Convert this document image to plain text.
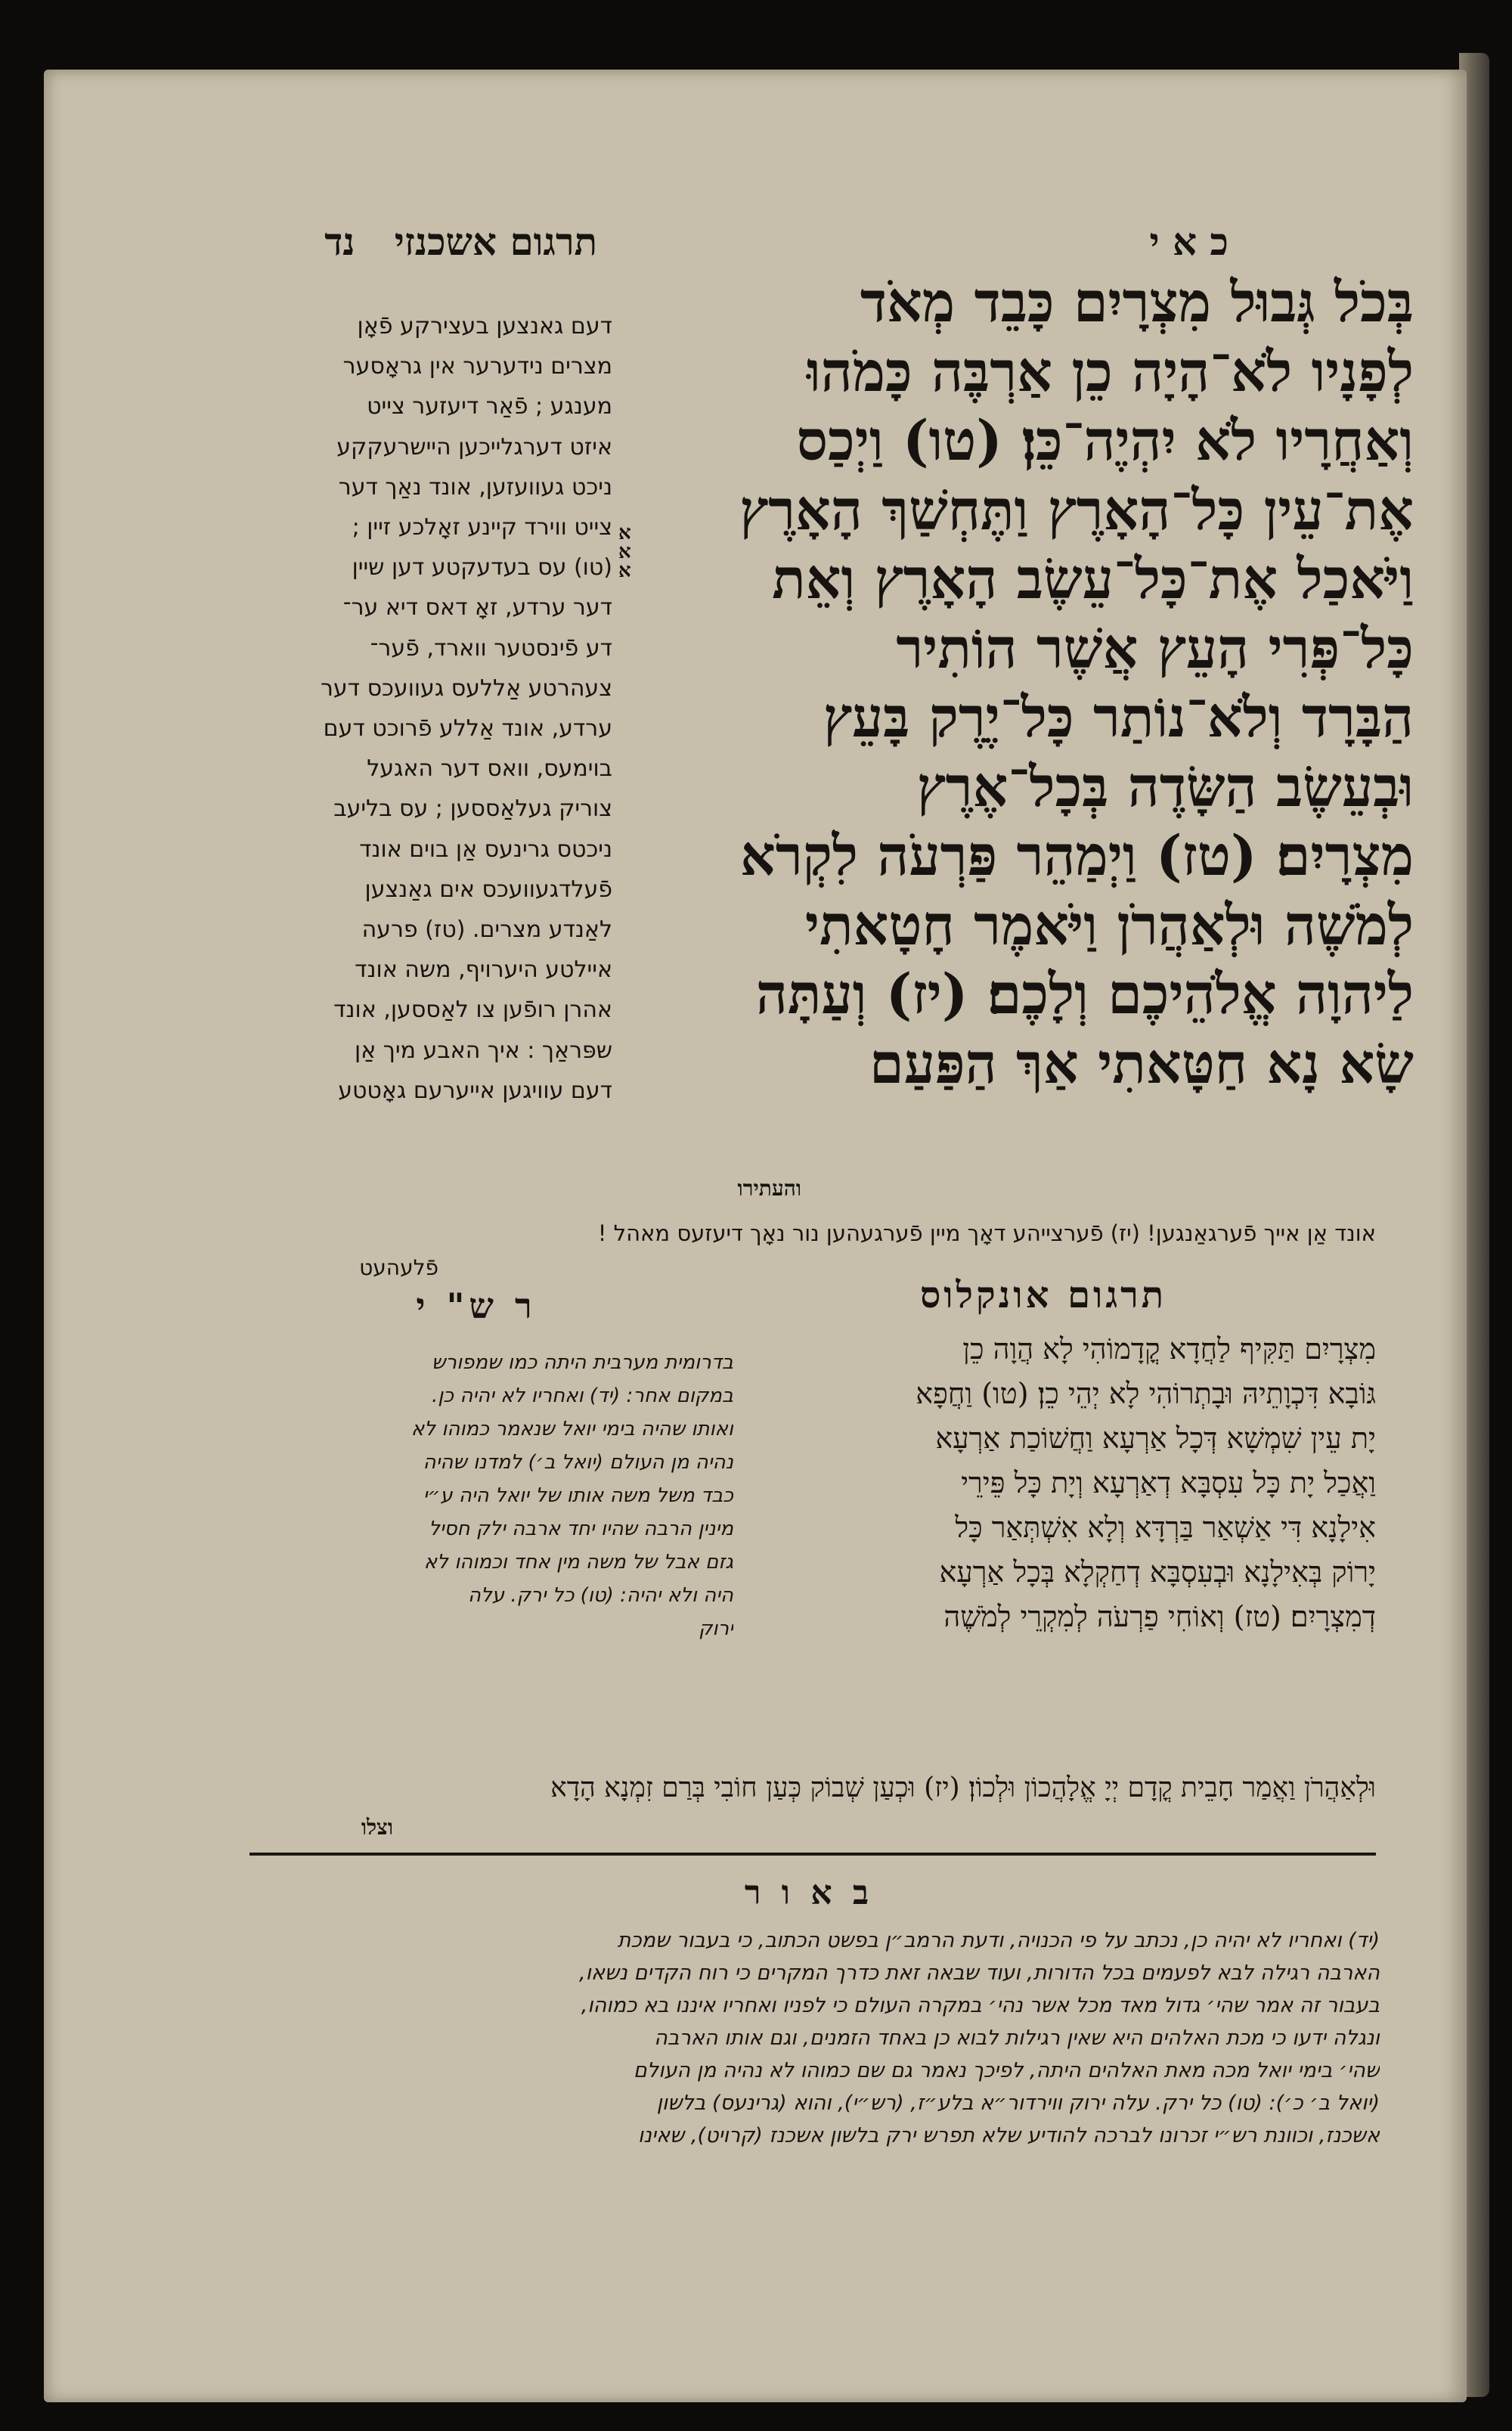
כ א י
תרגום אשכנזי   נד
בְּכֹל גְּבוּל מִצְרָיִם כָּבֵד מְאֹד
לְפָנָיו לֹא־הָיָה כֵן אַרְבֶּה כָּמֹהוּ
וְאַחֲרָיו לֹא יִהְיֶה־כֵּן׃ (טו) וַיְכַס
אֶת־עֵין כָּל־הָאָרֶץ וַתֶּחְשַׁךְ הָאָרֶץ
וַיֹּאכַל אֶת־כָּל־עֵשֶׂב הָאָרֶץ וְאֵת
כָּל־פְּרִי הָעֵץ אֲשֶׁר הוֹתִיר
הַבָּרָד וְלֹא־נוֹתַר כָּל־יֶרֶק בָּעֵץ
וּבְעֵשֶׂב הַשָּׂדֶה בְּכָל־אֶרֶץ
מִצְרָיִם׃ (טז) וַיְמַהֵר פַּרְעֹה לִקְרֹא
לְמֹשֶׁה וּלְאַהֲרֹן וַיֹּאמֶר חָטָאתִי
לַיהוָה אֱלֹהֵיכֶם וְלָכֶם׃ (יז) וְעַתָּה
שָׂא נָא חַטָּאתִי אַךְ הַפַּעַם
והעתירו
א
א
א
דעם גאנצען בעצירקע פֿאָן
מצרים נידערער אין גראָסער
מענגע ; פֿאַר דיעזער צייט
איזט דערגלייכען היישרעקקע
ניכט געוועזען, אונד נאַך דער
צייט ווירד קיינע זאָלכע זיין ;
(טו) עס בעדעקטע דען שיין
דער ערדע, זאָ דאס דיא ער־
דע פֿינסטער ווארד, פֿער־
צעהרטע אַללעס געוועכס דער
ערדע, אונד אַללע פֿרוכט דעם
בוימעס, וואס דער האגעל
צוריק געלאַססען ; עס בליעב
ניכטס גרינעס אַן בוים אונד
פֿעלדגעוועכס אים גאַנצען
לאַנדע מצרים. (טז) פרעה
איילטע היערויף, משה אונד
אהרן רופֿען צו לאַססען, אונד
שפּראַך : איך האבע מיך אַן
דעם עוויגען אייערעם גאָטטע
אונד אַן אייך פֿערגאַנגען! (יז) פֿערצייהע דאָך מיין פֿערגעהען נור נאָך דיעזעס מאהל !
פֿלעהעט
תרגום אונקלוס
מִצְרָיִם תַּקִּיף לַחֲדָא קֳדָמוֹהִי לָא הֲוָה כֵן
גּוֹבָא דִּכְוָתֵיהּ וּבָתְרוֹהִי לָא יְהֵי כֵן׃ (טו) וַחֲפָא
יָת עֵין שִׁמְשָׁא דְּכָל אַרְעָא וַחֲשׁוֹכַת אַרְעָא
וַאֲכַל יָת כָּל עִסְבָּא דְאַרְעָא וְיָת כָּל פֵּירֵי
אִילָנָא דִּי אַשְׁאַר בַּרְדָּא וְלָא אִשְׁתְּאַר כָּל
יָרוֹק בְּאִילָנָא וּבְעִסְבָּא דְחַקְלָא בְּכָל אַרְעָא
דְמִצְרָיִם׃ (טז) וְאוֹחִי פַרְעֹה לְמִקְרֵי לְמֹשֶׁה
וּלְאַהֲרֹן וַאֲמַר חָבֵית קֳדָם יְיָ אֱלָהֲכוֹן וּלְכוֹן׃ (יז) וּכְעַן שְׁבוֹק כְּעַן חוֹבִי בְּרַם זִמְנָא הָדָא
וצלו
ר ש" י
בדרומית מערבית היתה כמו שמפורש
במקום אחר: (יד) ואחריו לא יהיה כן.
ואותו שהיה בימי יואל שנאמר כמוהו לא
נהיה מן העולם (יואל ב׳) למדנו שהיה
כבד משל משה אותו של יואל היה ע״י
מינין הרבה שהיו יחד ארבה ילק חסיל
גזם אבל של משה מין אחד וכמוהו לא
היה ולא יהיה: (טו) כל ירק. עלה
ירוק
ב א ו ר
(יד) ואחריו לא יהיה כן, נכתב על פי הכנויה, ודעת הרמב״ן בפשט הכתוב, כי בעבור שמכת
הארבה רגילה לבא לפעמים בכל הדורות, ועוד שבאה זאת כדרך המקרים כי רוח הקדים נשאו,
בעבור זה אמר שהי׳ גדול מאד מכל אשר נהי׳ במקרה העולם כי לפניו ואחריו איננו בא כמוהו,
ונגלה ידעו כי מכת האלהים היא שאין רגילות לבוא כן באחד הזמנים, וגם אותו הארבה
שהי׳ בימי יואל מכה מאת האלהים היתה, לפיכך נאמר גם שם כמוהו לא נהיה מן העולם
(יואל ב׳ כ׳): (טו) כל ירק. עלה ירוק ווירדור״א בלע״ז, (רש״י), והוא (גרינעס) בלשון
אשכנז, וכוונת רש״י זכרונו לברכה להודיע שלא תפרש ירק בלשון אשכנז (קרויט), שאינו
